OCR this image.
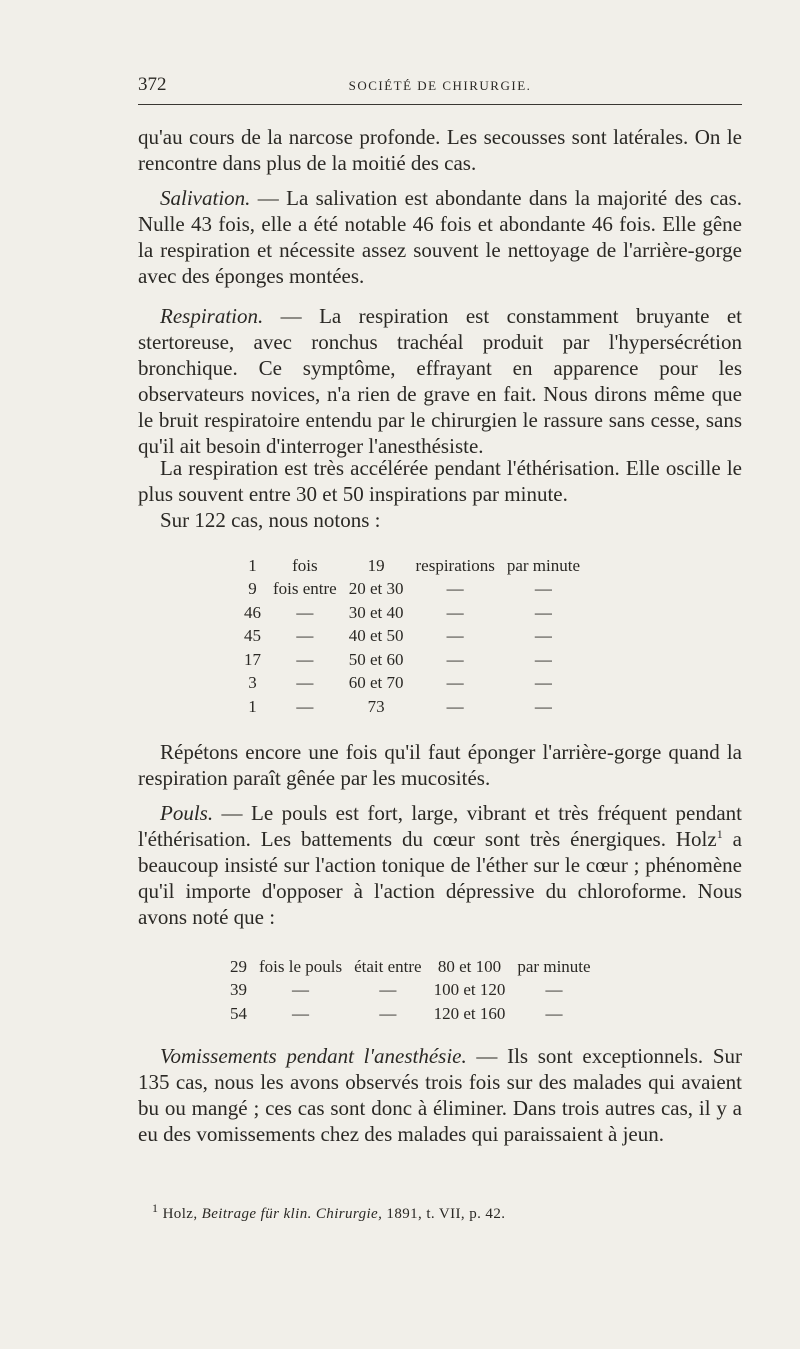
372	SOCIÉTÉ DE CHIRURGIE.

qu'au cours de la narcose profonde. Les secousses sont latérales. On le rencontre dans plus de la moitié des cas.

Salivation. — La salivation est abondante dans la majorité des cas. Nulle 43 fois, elle a été notable 46 fois et abondante 46 fois. Elle gêne la respiration et nécessite assez souvent le nettoyage de l'arrière-gorge avec des éponges montées.

Respiration. — La respiration est constamment bruyante et stertoreuse, avec ronchus trachéal produit par l'hypersécrétion bronchique. Ce symptôme, effrayant en apparence pour les observateurs novices, n'a rien de grave en fait. Nous dirons même que le bruit respiratoire entendu par le chirurgien le rassure sans cesse, sans qu'il ait besoin d'interroger l'anesthésiste.

La respiration est très accélérée pendant l'éthérisation. Elle oscille le plus souvent entre 30 et 50 inspirations par minute.

Sur 122 cas, nous notons :

1	fois	19	respirations	par minute
9	fois entre	20 et 30	—	—
46	—	30 et 40	—	—
45	—	40 et 50	—	—
17	—	50 et 60	—	—
3	—	60 et 70	—	—
1	—	73	—	—

Répétons encore une fois qu'il faut éponger l'arrière-gorge quand la respiration paraît gênée par les mucosités.

Pouls. — Le pouls est fort, large, vibrant et très fréquent pendant l'éthérisation. Les battements du cœur sont très énergiques. Holz$^1$ a beaucoup insisté sur l'action tonique de l'éther sur le cœur ; phénomène qu'il importe d'opposer à l'action dépressive du chloroforme. Nous avons noté que :

29	fois le pouls	était entre	80 et 100	par minute
39	—	—	100 et 120	—
54	—	—	120 et 160	—

Vomissements pendant l'anesthésie. — Ils sont exceptionnels. Sur 135 cas, nous les avons observés trois fois sur des malades qui avaient bu ou mangé ; ces cas sont donc à éliminer. Dans trois autres cas, il y a eu des vomissements chez des malades qui paraissaient à jeun.

$^1$ Holz, Beitrage für klin. Chirurgie, 1891, t. VII, p. 42.
